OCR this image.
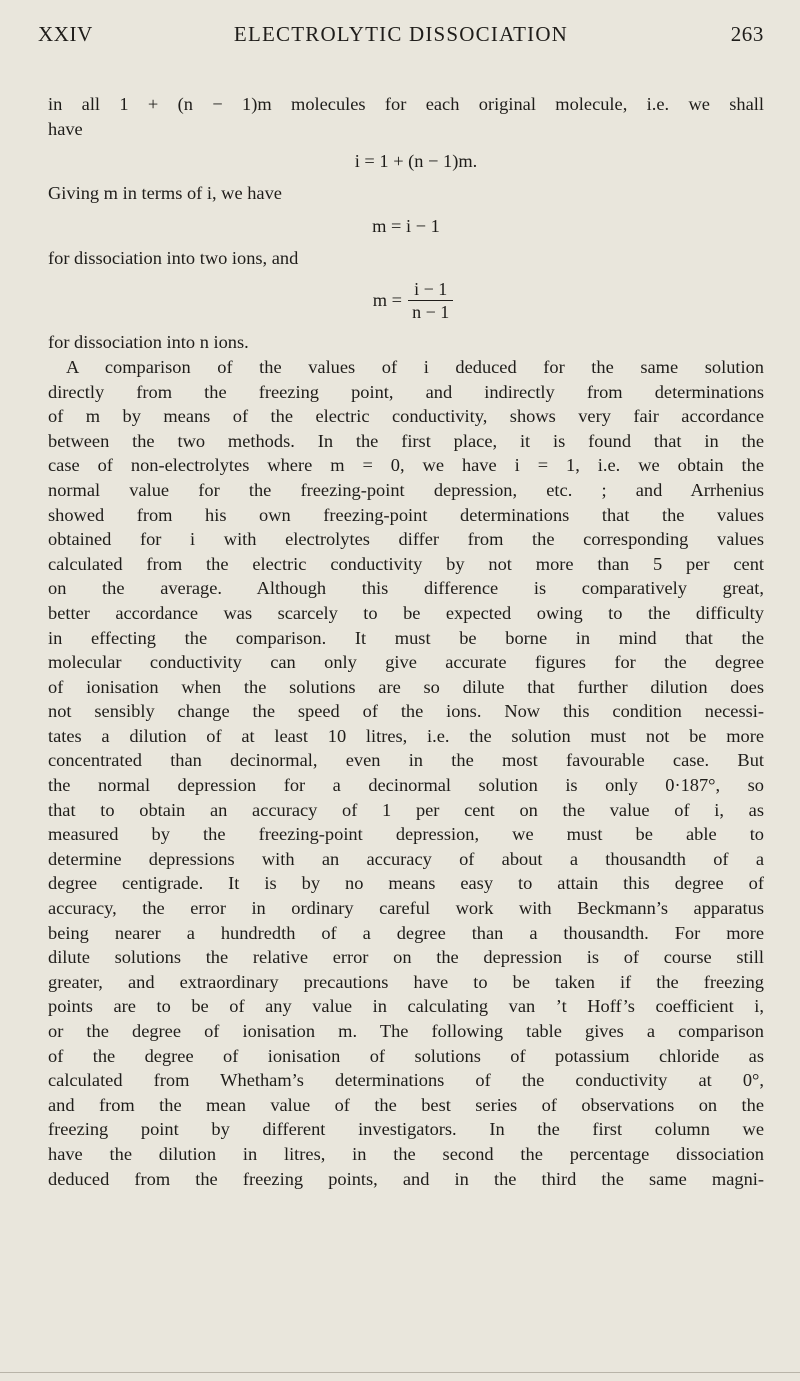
XXIV	ELECTROLYTIC DISSOCIATION	263
in all 1 + (n − 1)m molecules for each original molecule, i.e. we shall
have
i = 1 + (n − 1)m.
Giving m in terms of i, we have
m = i − 1
for dissociation into two ions, and
$m = \frac{i - 1}{n - 1}$
for dissociation into n ions.
A comparison of the values of i deduced for the same solution
directly from the freezing point, and indirectly from determinations
of m by means of the electric conductivity, shows very fair accordance
between the two methods. In the first place, it is found that in the
case of non-electrolytes where m = 0, we have i = 1, i.e. we obtain the
normal value for the freezing-point depression, etc. ; and Arrhenius
showed from his own freezing-point determinations that the values
obtained for i with electrolytes differ from the corresponding values
calculated from the electric conductivity by not more than 5 per cent
on the average. Although this difference is comparatively great,
better accordance was scarcely to be expected owing to the difficulty
in effecting the comparison. It must be borne in mind that the
molecular conductivity can only give accurate figures for the degree
of ionisation when the solutions are so dilute that further dilution does
not sensibly change the speed of the ions. Now this condition necessi-
tates a dilution of at least 10 litres, i.e. the solution must not be more
concentrated than decinormal, even in the most favourable case. But
the normal depression for a decinormal solution is only 0·187°, so
that to obtain an accuracy of 1 per cent on the value of i, as
measured by the freezing-point depression, we must be able to
determine depressions with an accuracy of about a thousandth of a
degree centigrade. It is by no means easy to attain this degree of
accuracy, the error in ordinary careful work with Beckmann’s apparatus
being nearer a hundredth of a degree than a thousandth. For more
dilute solutions the relative error on the depression is of course still
greater, and extraordinary precautions have to be taken if the freezing
points are to be of any value in calculating van ’t Hoff’s coefficient i,
or the degree of ionisation m. The following table gives a comparison
of the degree of ionisation of solutions of potassium chloride as
calculated from Whetham’s determinations of the conductivity at 0°,
and from the mean value of the best series of observations on the
freezing point by different investigators. In the first column we
have the dilution in litres, in the second the percentage dissociation
deduced from the freezing points, and in the third the same magni-
